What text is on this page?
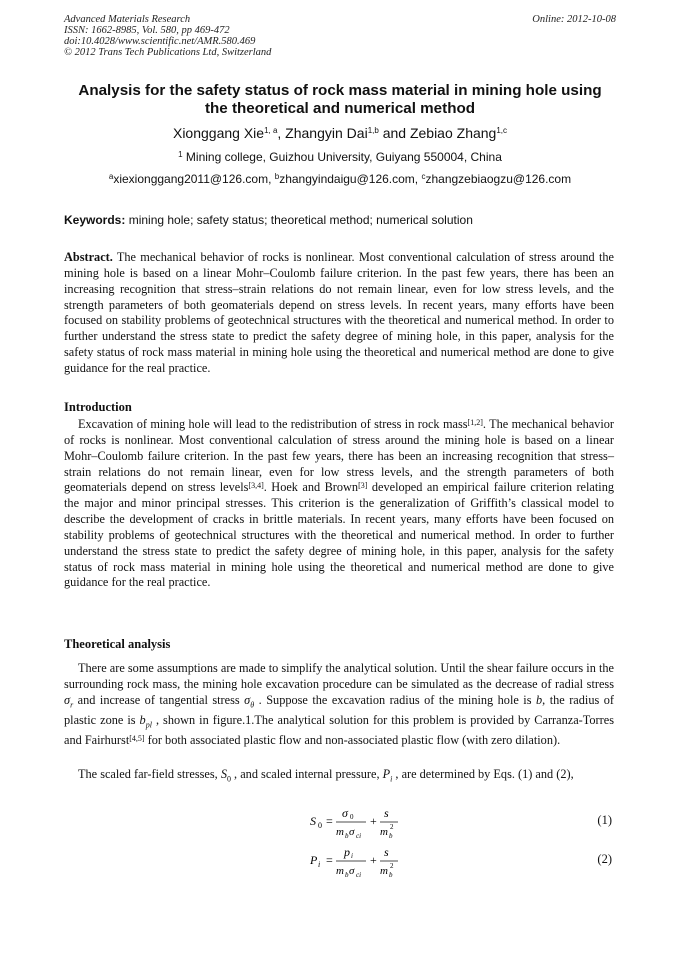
Advanced Materials Research
ISSN: 1662-8985, Vol. 580, pp 469-472
doi:10.4028/www.scientific.net/AMR.580.469
© 2012 Trans Tech Publications Ltd, Switzerland
Online: 2012-10-08
Analysis for the safety status of rock mass material in mining hole using
the theoretical and numerical method
Xionggang Xie$^{1, a}$, Zhangyin Dai$^{1,b}$ and Zebiao Zhang$^{1,c}$
$^1$ Mining college, Guizhou University, Guiyang 550004, China
$^a$xiexionggang2011@126.com, $^b$zhangyindaigu@126.com, $^c$zhangzebiaogzu@126.com
Keywords: mining hole; safety status; theoretical method; numerical solution
Abstract. The mechanical behavior of rocks is nonlinear. Most conventional calculation of stress around the mining hole is based on a linear Mohr–Coulomb failure criterion. In the past few years, there has been an increasing recognition that stress–strain relations do not remain linear, even for low stress levels, and the strength parameters of both geomaterials depend on stress levels. In recent years, many efforts have been focused on stability problems of geotechnical structures with the theoretical and numerical method. In order to further understand the stress state to predict the safety degree of mining hole, in this paper, analysis for the safety status of rock mass material in mining hole using the theoretical and numerical method are done to give guidance for the real practice.
Introduction
Excavation of mining hole will lead to the redistribution of stress in rock mass[1,2]. The mechanical behavior of rocks is nonlinear. Most conventional calculation of stress around the mining hole is based on a linear Mohr–Coulomb failure criterion. In the past few years, there has been an increasing recognition that stress–strain relations do not remain linear, even for low stress levels, and the strength parameters of both geomaterials depend on stress levels[3,4]. Hoek and Brown[3] developed an empirical failure criterion relating the major and minor principal stresses. This criterion is the generalization of Griffith’s classical model to describe the development of cracks in brittle materials. In recent years, many efforts have been focused on stability problems of geotechnical structures with the theoretical and numerical method. In order to further understand the stress state to predict the safety degree of mining hole, in this paper, analysis for the safety status of rock mass material in mining hole using the theoretical and numerical method are done to give guidance for the real practice.
Theoretical analysis
There are some assumptions are made to simplify the analytical solution. Until the shear failure occurs in the surrounding rock mass, the mining hole excavation procedure can be simulated as the decrease of radial stress $\sigma_r$ and increase of tangential stress $\sigma_\theta$ . Suppose the excavation radius of the mining hole is b, the radius of plastic zone is $b_{pl}$ , shown in figure.1.The analytical solution for this problem is provided by Carranza-Torres and Fairhurst[4,5] for both associated plastic flow and non-associated plastic flow (with zero dilation).
The scaled far-field stresses, $S_0$ , and scaled internal pressure, $P_i$ , are determined by Eqs. (1) and (2),
S 0 =
σ 0
m b σ ci
+
s
m b
2	(1)
P i =
p i
m b σ ci
+
s
m b
2	(2)
